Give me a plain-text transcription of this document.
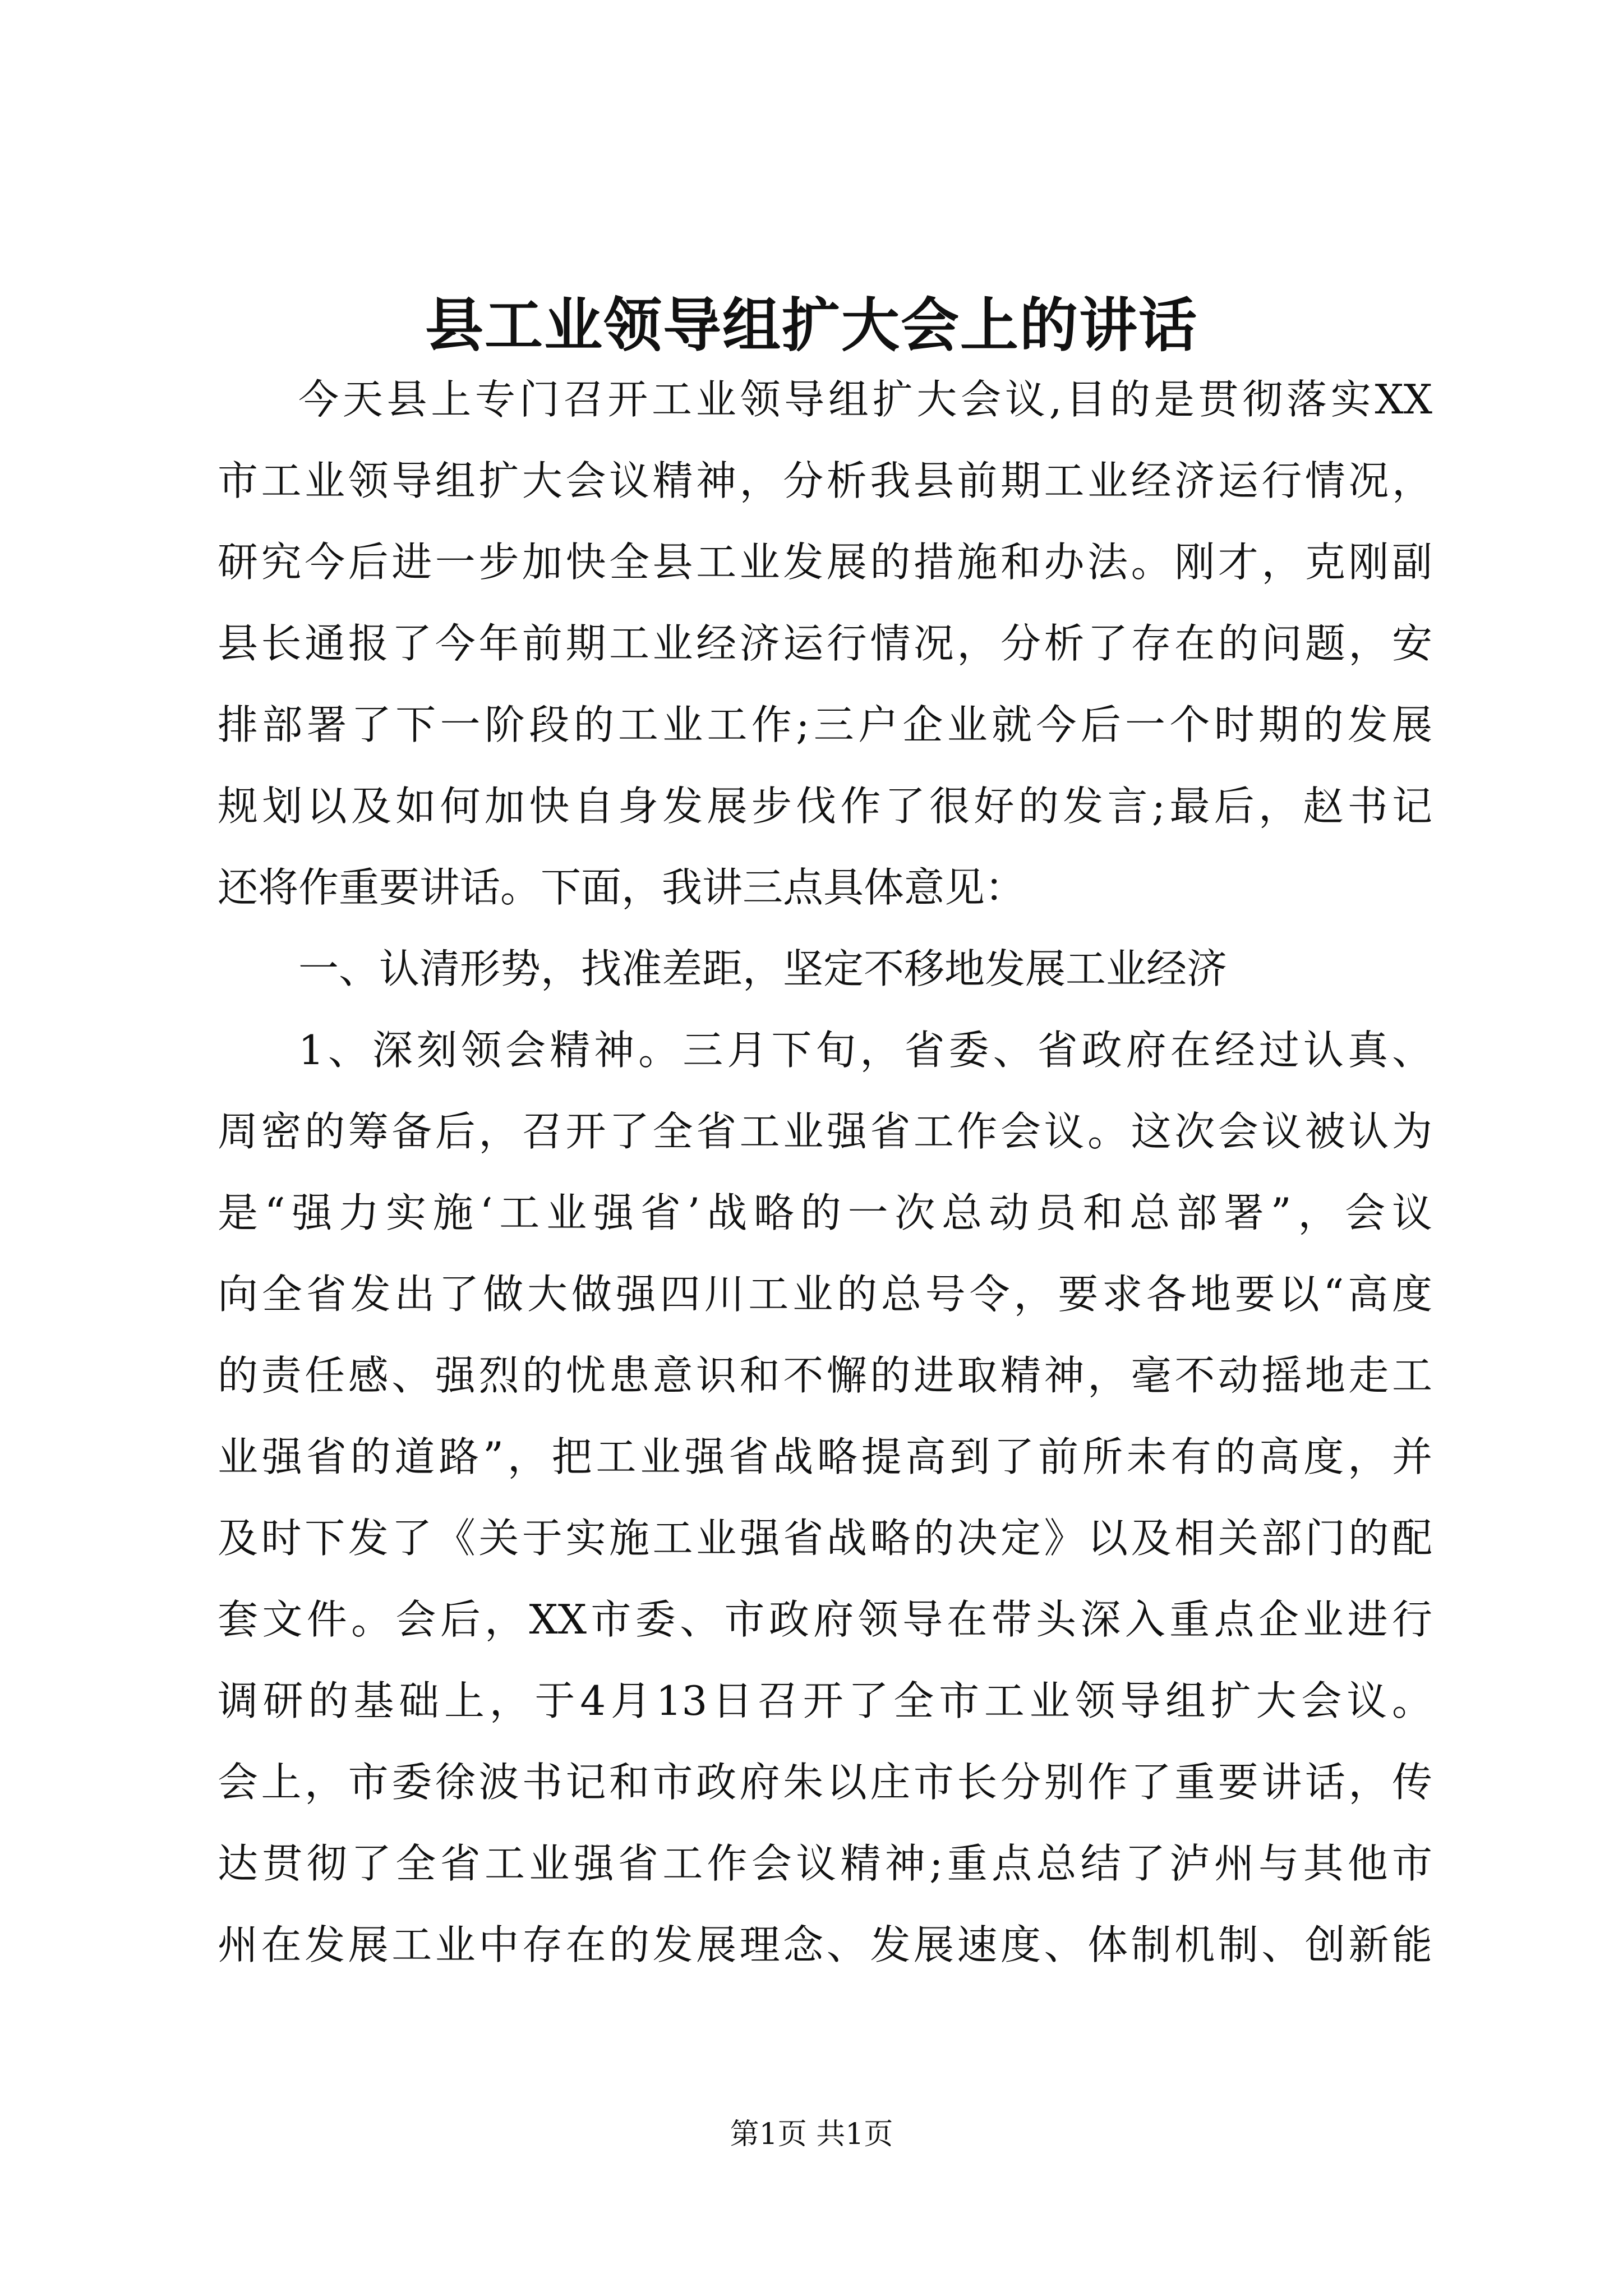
县工业领导组扩大会上的讲话
今天县上专门召开工业领导组扩大会议,目的是贯彻落实XX
市工业领导组扩大会议精神，分析我县前期工业经济运行情况，
研究今后进一步加快全县工业发展的措施和办法。刚才，克刚副
县长通报了今年前期工业经济运行情况，分析了存在的问题，安
排部署了下一阶段的工业工作;三户企业就今后一个时期的发展
规划以及如何加快自身发展步伐作了很好的发言;最后，赵书记
还将作重要讲话。下面，我讲三点具体意见：
一、认清形势，找准差距，坚定不移地发展工业经济
1、深刻领会精神。三月下旬，省委、省政府在经过认真、
周密的筹备后，召开了全省工业强省工作会议。这次会议被认为
是“强力实施‘工业强省’战略的一次总动员和总部署”，会议
向全省发出了做大做强四川工业的总号令，要求各地要以“高度
的责任感、强烈的忧患意识和不懈的进取精神，毫不动摇地走工
业强省的道路”，把工业强省战略提高到了前所未有的高度，并
及时下发了《关于实施工业强省战略的决定》以及相关部门的配
套文件。会后，XX市委、市政府领导在带头深入重点企业进行
调研的基础上，于4月13日召开了全市工业领导组扩大会议。
会上，市委徐波书记和市政府朱以庄市长分别作了重要讲话，传
达贯彻了全省工业强省工作会议精神;重点总结了泸州与其他市
州在发展工业中存在的发展理念、发展速度、体制机制、创新能
第1页 共1页
